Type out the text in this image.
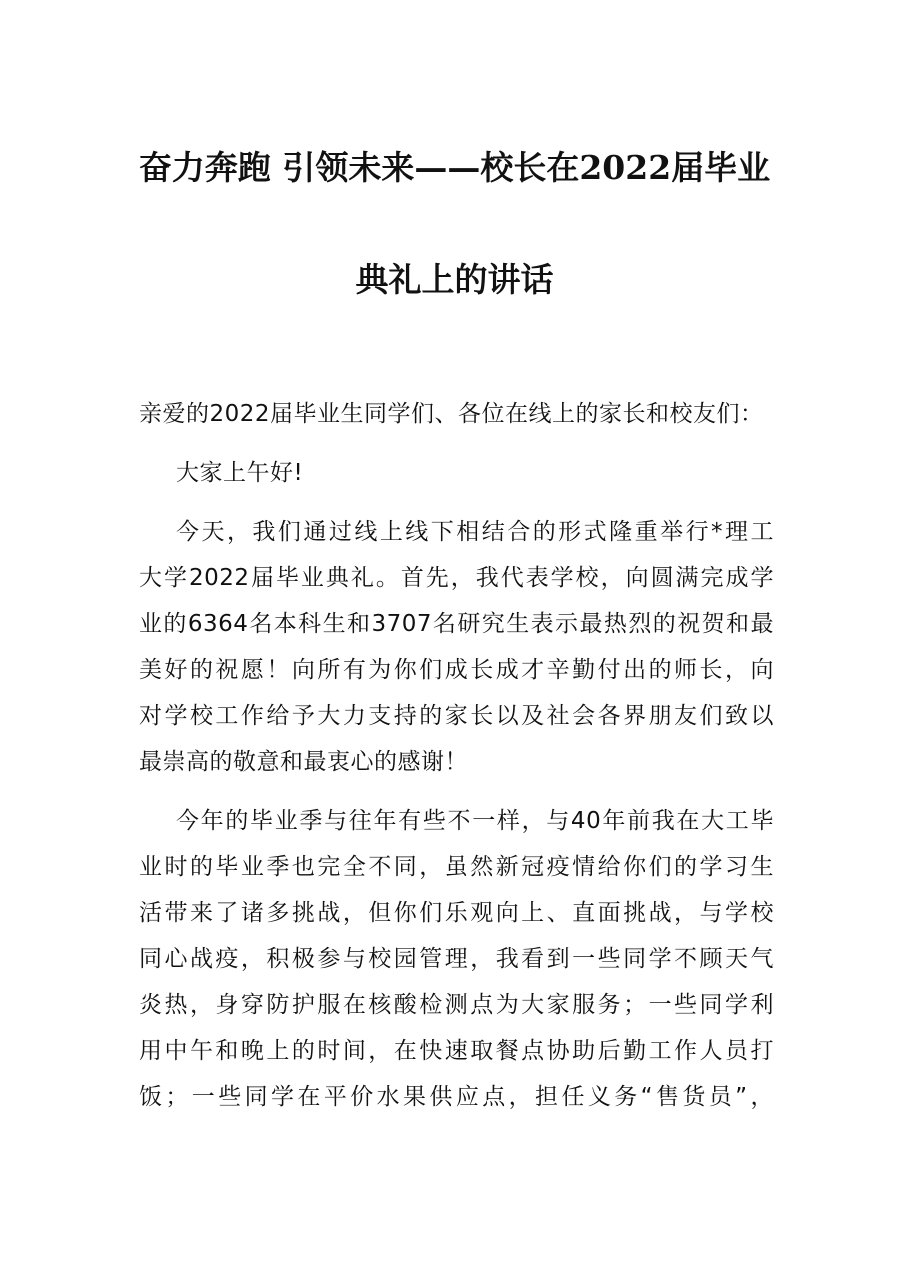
奋力奔跑 引领未来——校长在2022届毕业
典礼上的讲话
亲爱的2022届毕业生同学们、各位在线上的家长和校友们：
大家上午好!
今天，我们通过线上线下相结合的形式隆重举行*理工
大学2022届毕业典礼。首先，我代表学校，向圆满完成学
业的6364名本科生和3707名研究生表示最热烈的祝贺和最
美好的祝愿！向所有为你们成长成才辛勤付出的师长，向
对学校工作给予大力支持的家长以及社会各界朋友们致以
最崇高的敬意和最衷心的感谢！
今年的毕业季与往年有些不一样，与40年前我在大工毕
业时的毕业季也完全不同，虽然新冠疫情给你们的学习生
活带来了诸多挑战，但你们乐观向上、直面挑战，与学校
同心战疫，积极参与校园管理，我看到一些同学不顾天气
炎热，身穿防护服在核酸检测点为大家服务；一些同学利
用中午和晚上的时间，在快速取餐点协助后勤工作人员打
饭；一些同学在平价水果供应点，担任义务“售货员”，
